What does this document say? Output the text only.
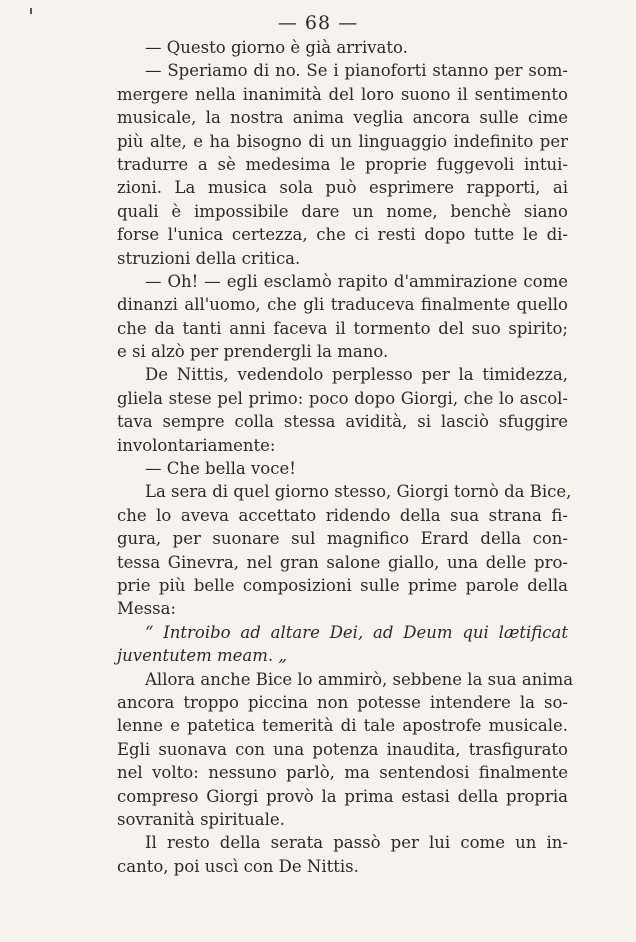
— 68 —
— Questo giorno è già arrivato.
— Speriamo di no. Se i pianoforti stanno per som-
mergere nella inanimità del loro suono il sentimento
musicale, la nostra anima veglia ancora sulle cime
più alte, e ha bisogno di un linguaggio indefinito per
tradurre a sè medesima le proprie fuggevoli intui-
zioni. La musica sola può esprimere rapporti, ai
quali è impossibile dare un nome, benchè siano
forse l'unica certezza, che ci resti dopo tutte le di-
struzioni della critica.
— Oh! — egli esclamò rapito d'ammirazione come
dinanzi all'uomo, che gli traduceva finalmente quello
che da tanti anni faceva il tormento del suo spirito;
e si alzò per prendergli la mano.
De Nittis, vedendolo perplesso per la timidezza,
gliela stese pel primo: poco dopo Giorgi, che lo ascol-
tava sempre colla stessa avidità, si lasciò sfuggire
involontariamente:
— Che bella voce!
La sera di quel giorno stesso, Giorgi tornò da Bice,
che lo aveva accettato ridendo della sua strana fi-
gura, per suonare sul magnifico Erard della con-
tessa Ginevra, nel gran salone giallo, una delle pro-
prie più belle composizioni sulle prime parole della
Messa:
“ Introibo ad altare Dei, ad Deum qui lætificat
juventutem meam. „
Allora anche Bice lo ammirò, sebbene la sua anima
ancora troppo piccina non potesse intendere la so-
lenne e patetica temerità di tale apostrofe musicale.
Egli suonava con una potenza inaudita, trasfigurato
nel volto: nessuno parlò, ma sentendosi finalmente
compreso Giorgi provò la prima estasi della propria
sovranità spirituale.
Il resto della serata passò per lui come un in-
canto, poi uscì con De Nittis.
